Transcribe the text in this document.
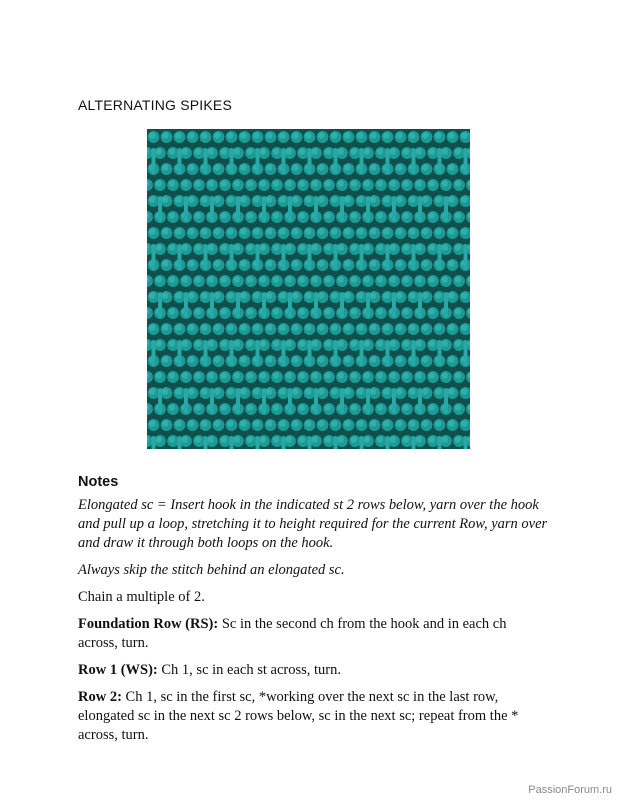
ALTERNATING SPIKES
Notes

Elongated sc = Insert hook in the indicated st 2 rows below, yarn over the hook and pull up a loop, stretching it to height required for the current Row, yarn over and draw it through both loops on the hook.

Always skip the stitch behind an elongated sc.

Chain a multiple of 2.

Foundation Row (RS): Sc in the second ch from the hook and in each ch across, turn.

Row 1 (WS): Ch 1, sc in each st across, turn.

Row 2: Ch 1, sc in the first sc, *working over the next sc in the last row, elongated sc in the next sc 2 rows below, sc in the next sc; repeat from the * across, turn.

PassionForum.ru
